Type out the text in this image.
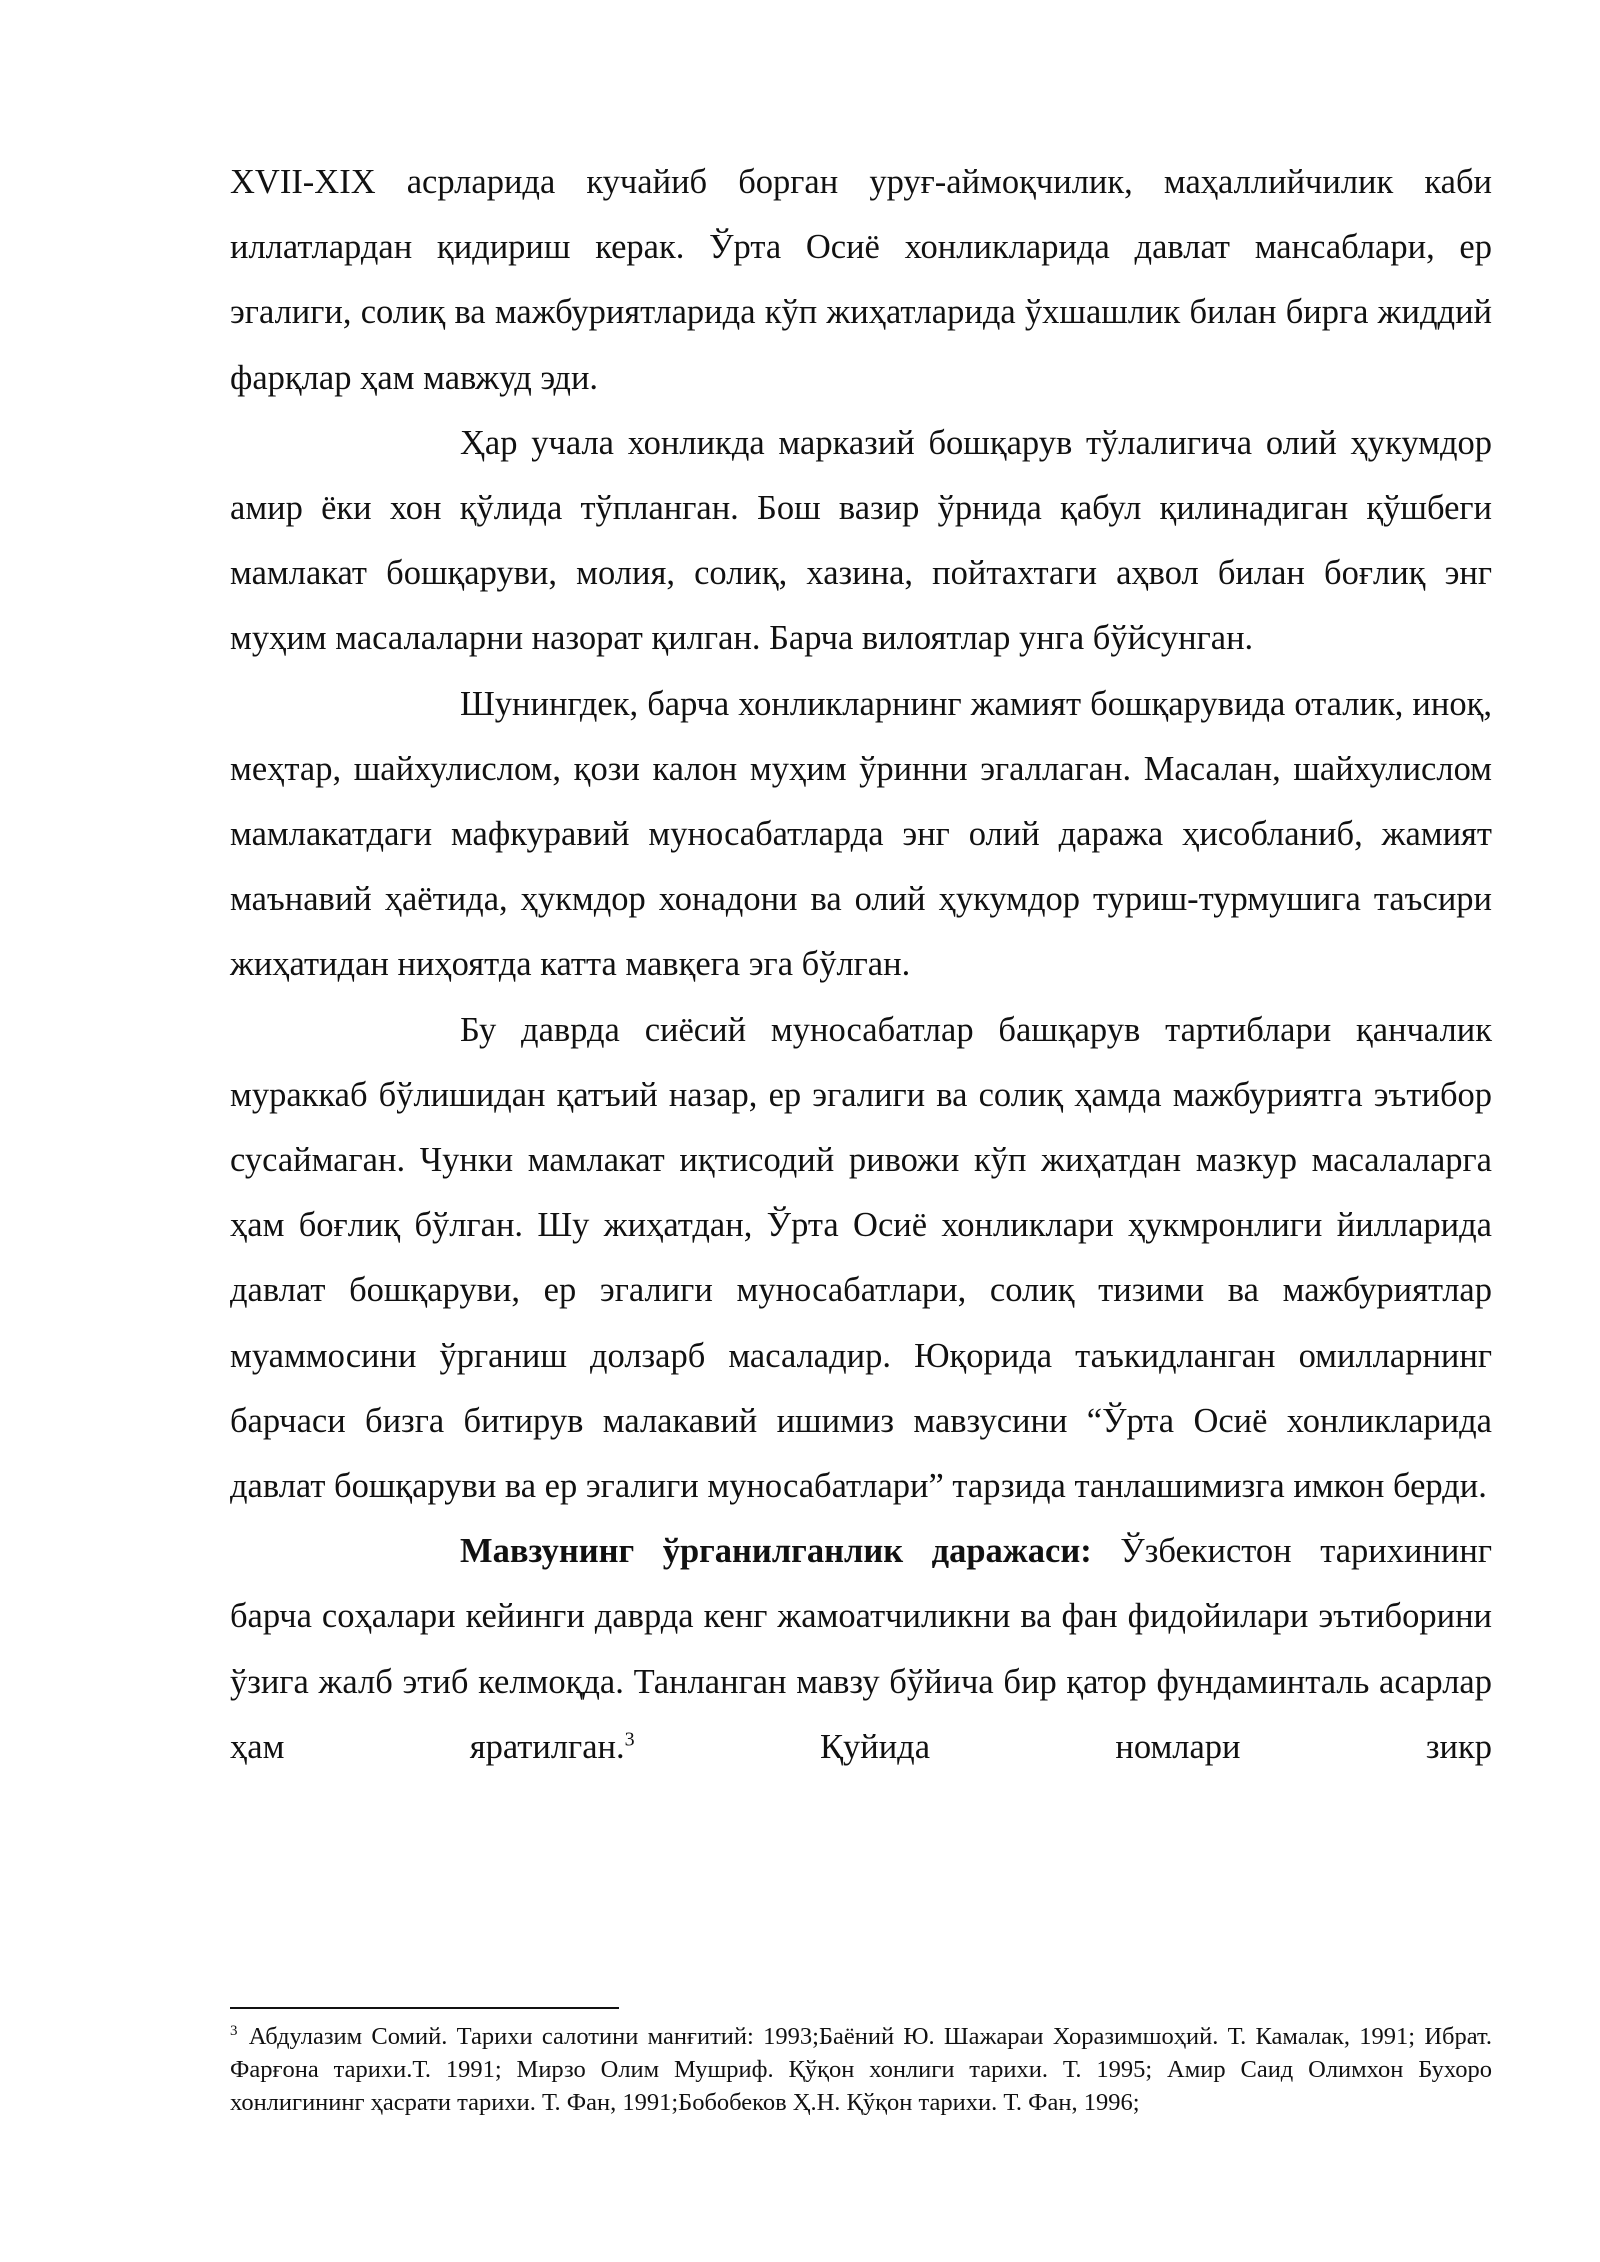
XVII-XIX асрларида кучайиб борган уруғ-аймоқчилик, маҳаллийчилик каби иллатлардан қидириш керак. Ўрта Осиё хонликларида давлат мансаблари, ер эгалиги, солиқ ва мажбуриятларида кўп жиҳатларида ўхшашлик билан бирга жиддий фарқлар ҳам мавжуд эди.

Ҳар учала хонликда марказий бошқарув тўлалигича олий ҳукумдор амир ёки хон қўлида тўпланган. Бош вазир ўрнида қабул қилинадиган қўшбеги мамлакат бошқаруви, молия, солиқ, хазина, пойтахтаги аҳвол билан боғлиқ энг муҳим масалаларни назорат қилган. Барча вилоятлар унга бўйсунган.

Шунингдек, барча хонликларнинг жамият бошқарувида оталик, иноқ, меҳтар, шайхулислом, қози калон муҳим ўринни эгаллаган. Масалан, шайхулислом мамлакатдаги мафкуравий муносабатларда энг олий даража ҳисобланиб, жамият маънавий ҳаётида, ҳукмдор хонадони ва олий ҳукумдор туриш-турмушига таъсири жиҳатидан ниҳоятда катта мавқега эга бўлган.

Бу даврда сиёсий муносабатлар башқарув тартиблари қанчалик мураккаб бўлишидан қатъий назар, ер эгалиги ва солиқ ҳамда мажбуриятга эътибор сусаймаган. Чунки мамлакат иқтисодий ривожи кўп жиҳатдан мазкур масалаларга ҳам боғлиқ бўлган. Шу жиҳатдан, Ўрта Осиё хонликлари ҳукмронлиги йилларида давлат бошқаруви, ер эгалиги муносабатлари, солиқ тизими ва мажбуриятлар муаммосини ўрганиш долзарб масаладир. Юқорида таъкидланган омилларнинг барчаси бизга битирув малакавий ишимиз мавзусини “Ўрта Осиё хонликларида давлат бошқаруви ва ер эгалиги муносабатлари” тарзида танлашимизга имкон берди.

Мавзунинг ўрганилганлик даражаси: Ўзбекистон тарихининг барча соҳалари кейинги даврда кенг жамоатчиликни ва фан фидойилари эътиборини ўзига жалб этиб келмоқда. Танланган мавзу бўйича бир қатор фундаминталь асарлар ҳам яратилган.$^3$ Қуйида номлари зикр

$^3$ Абдулазим Сомий. Тарихи салотини манғитий: 1993;Баёний Ю. Шажараи Хоразимшоҳий. Т. Камалак, 1991; Ибрат. Фарғона тарихи.Т. 1991; Мирзо Олим Мушриф. Қўқон хонлиги тарихи. Т. 1995; Амир Саид Олимхон Бухоро хонлигининг ҳасрати тарихи. Т. Фан, 1991;Бобобеков Ҳ.Н. Қўқон тарихи. Т. Фан, 1996;
